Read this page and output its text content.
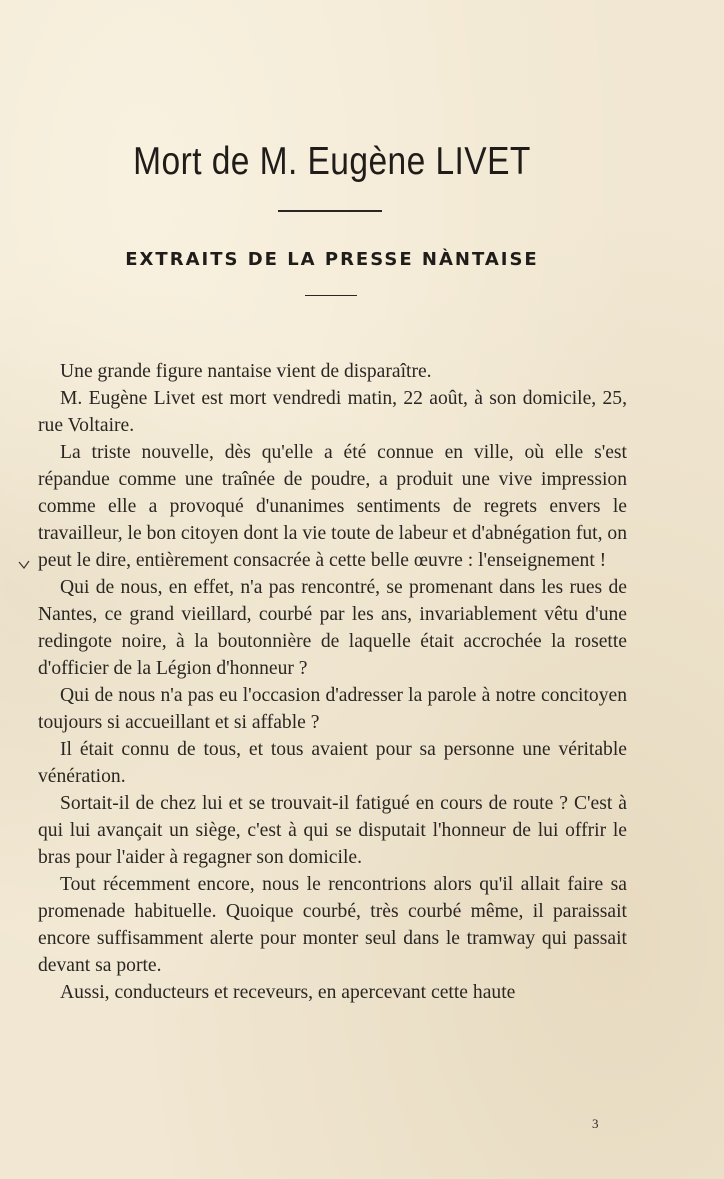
Mort de M. Eugène LIVET
EXTRAITS DE LA PRESSE NÀNTAISE

Une grande figure nantaise vient de disparaître.

M. Eugène Livet est mort vendredi matin, 22 août, à son domicile, 25, rue Voltaire.

La triste nouvelle, dès qu'elle a été connue en ville, où elle s'est répandue comme une traînée de poudre, a produit une vive impression comme elle a provoqué d'unanimes sentiments de regrets envers le travailleur, le bon citoyen dont la vie toute de labeur et d'abnégation fut, on peut le dire, entièrement consacrée à cette belle œuvre : l'enseignement !

Qui de nous, en effet, n'a pas rencontré, se promenant dans les rues de Nantes, ce grand vieillard, courbé par les ans, invariablement vêtu d'une redingote noire, à la boutonnière de laquelle était accrochée la rosette d'officier de la Légion d'honneur ?

Qui de nous n'a pas eu l'occasion d'adresser la parole à notre concitoyen toujours si accueillant et si affable ?

Il était connu de tous, et tous avaient pour sa personne une véritable vénération.

Sortait-il de chez lui et se trouvait-il fatigué en cours de route ? C'est à qui lui avançait un siège, c'est à qui se disputait l'honneur de lui offrir le bras pour l'aider à regagner son domicile.

Tout récemment encore, nous le rencontrions alors qu'il allait faire sa promenade habituelle. Quoique courbé, très courbé même, il paraissait encore suffisamment alerte pour monter seul dans le tramway qui passait devant sa porte.

Aussi, conducteurs et receveurs, en apercevant cette haute

3
